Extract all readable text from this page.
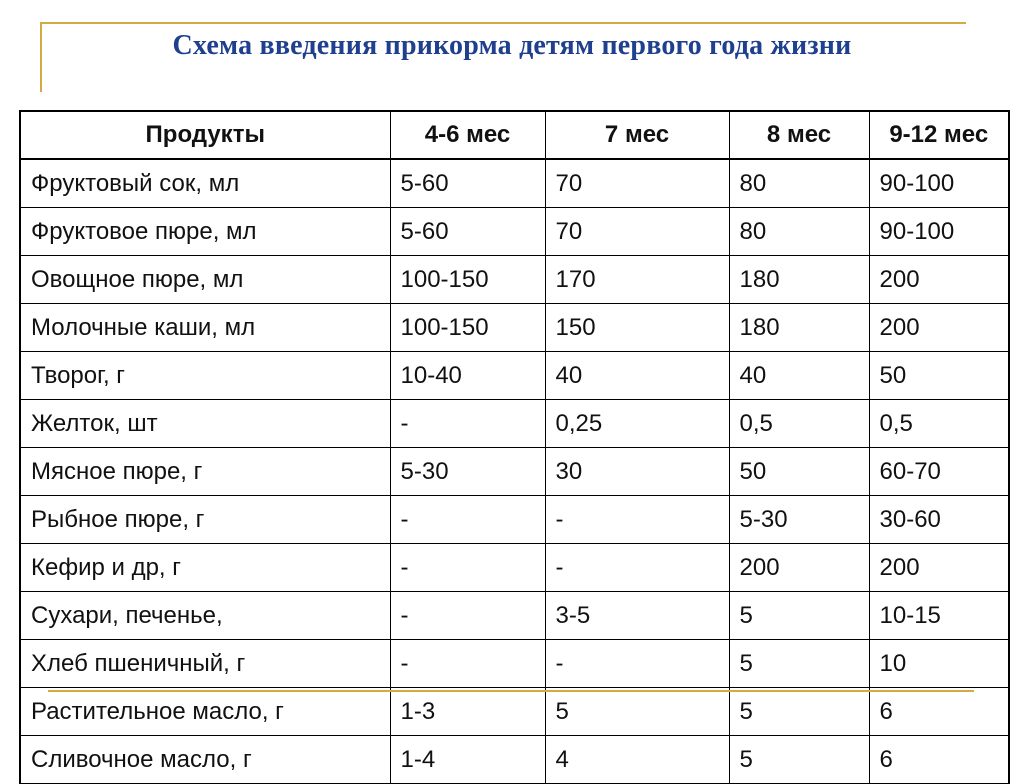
Схема введения прикорма детям первого года жизни
Продукты	4-6 мес	7 мес	8 мес	9-12 мес
Фруктовый сок, мл	5-60	70	80	90-100
Фруктовое пюре, мл	5-60	70	80	90-100
Овощное пюре, мл	100-150	170	180	200
Молочные каши, мл	100-150	150	180	200
Творог, г	10-40	40	40	50
Желток, шт	-	0,25	0,5	0,5
Мясное пюре, г	5-30	30	50	60-70
Рыбное пюре, г	-	-	5-30	30-60
Кефир и др, г	-	-	200	200
Сухари, печенье,	-	3-5	5	10-15
Хлеб пшеничный, г	-	-	5	10
Растительное масло, г	1-3	5	5	6
Сливочное масло, г	1-4	4	5	6
